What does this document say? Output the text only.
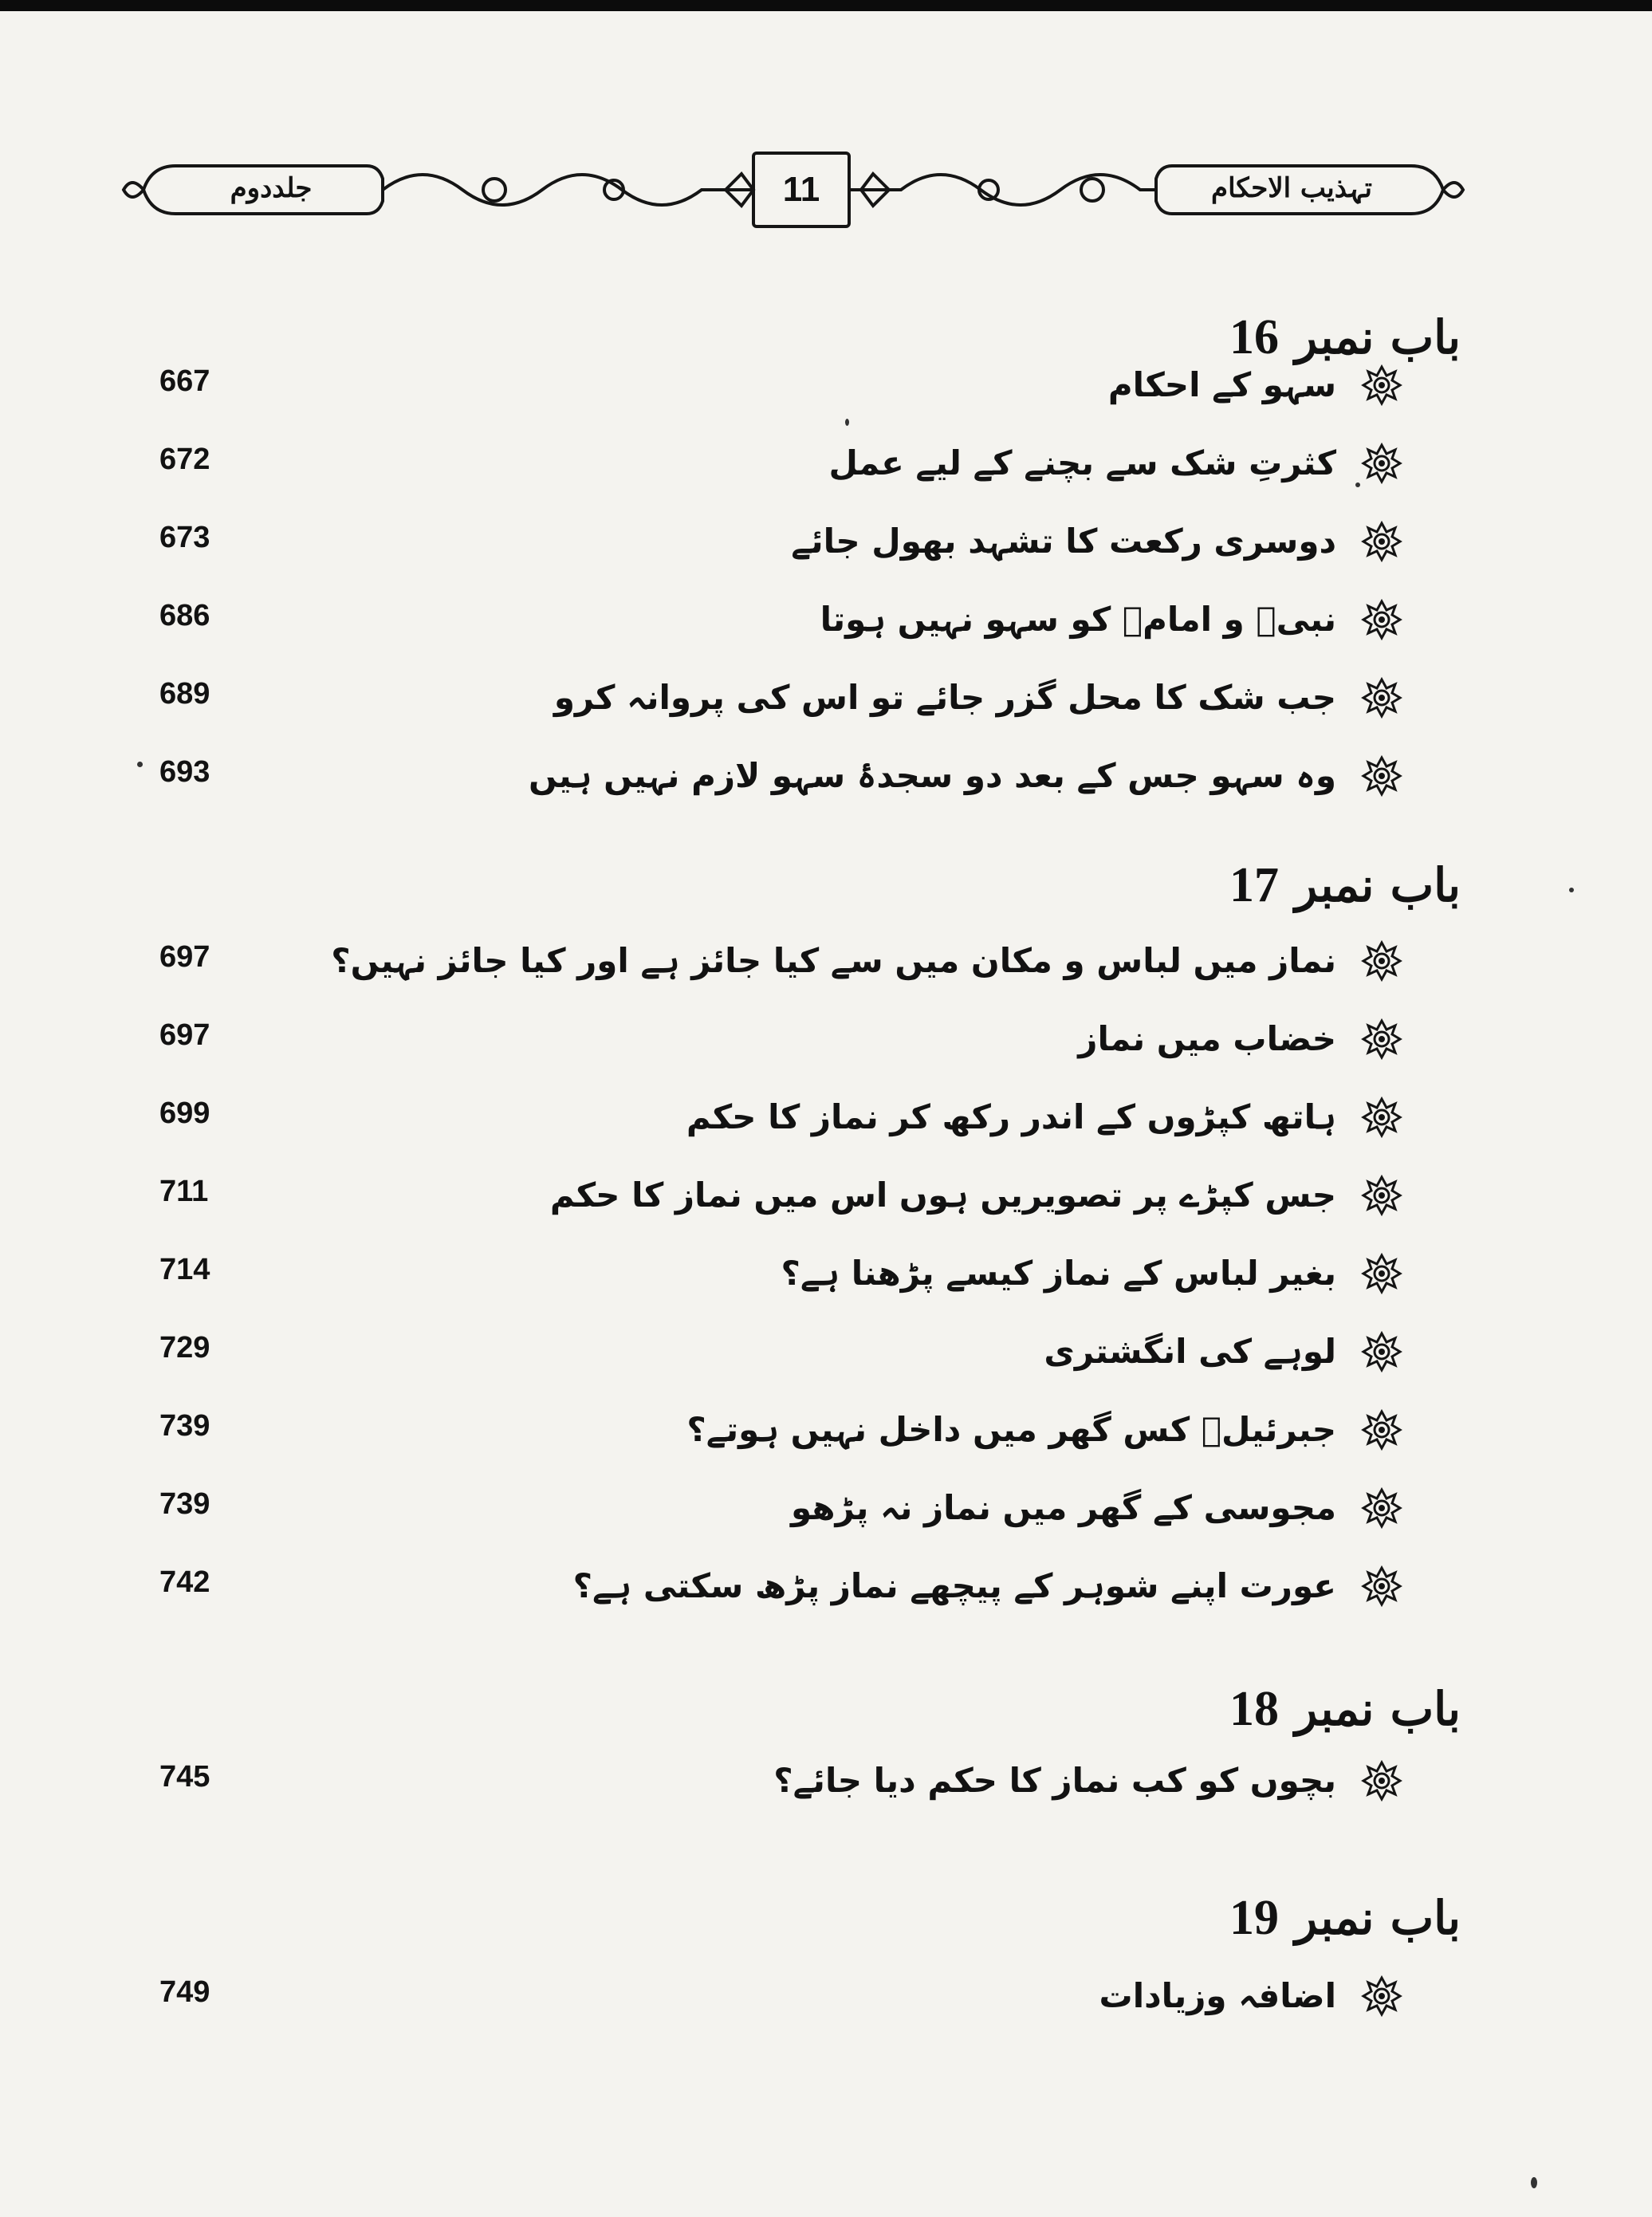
تہذیب الاحکام
جلددوم	11
باب نمبر 16
سہو کے احکام
667
کثرتِ شک سے بچنے کے لیے عمل
672
دوسری رکعت کا تشہد بھول جائے
673
نبیؐ و امامؑ کو سہو نہیں ہوتا
686
جب شک کا محل گزر جائے تو اس کی پروانہ کرو
689
وہ سہو جس کے بعد دو سجدۂ سہو لازم نہیں ہیں
693
باب نمبر 17
نماز میں لباس و مکان میں سے کیا جائز ہے اور کیا جائز نہیں؟
697
خضاب میں نماز
697
ہاتھ کپڑوں کے اندر رکھ کر نماز کا حکم
699
جس کپڑے پر تصویریں ہوں اس میں نماز کا حکم
711
بغیر لباس کے نماز کیسے پڑھنا ہے؟
714
لوہے کی انگشتری
729
جبرئیلؑ کس گھر میں داخل نہیں ہوتے؟
739
مجوسی کے گھر میں نماز نہ پڑھو
739
عورت اپنے شوہر کے پیچھے نماز پڑھ سکتی ہے؟
742
باب نمبر 18
بچوں کو کب نماز کا حکم دیا جائے؟
745
باب نمبر 19
اضافہ وزیادات
749
